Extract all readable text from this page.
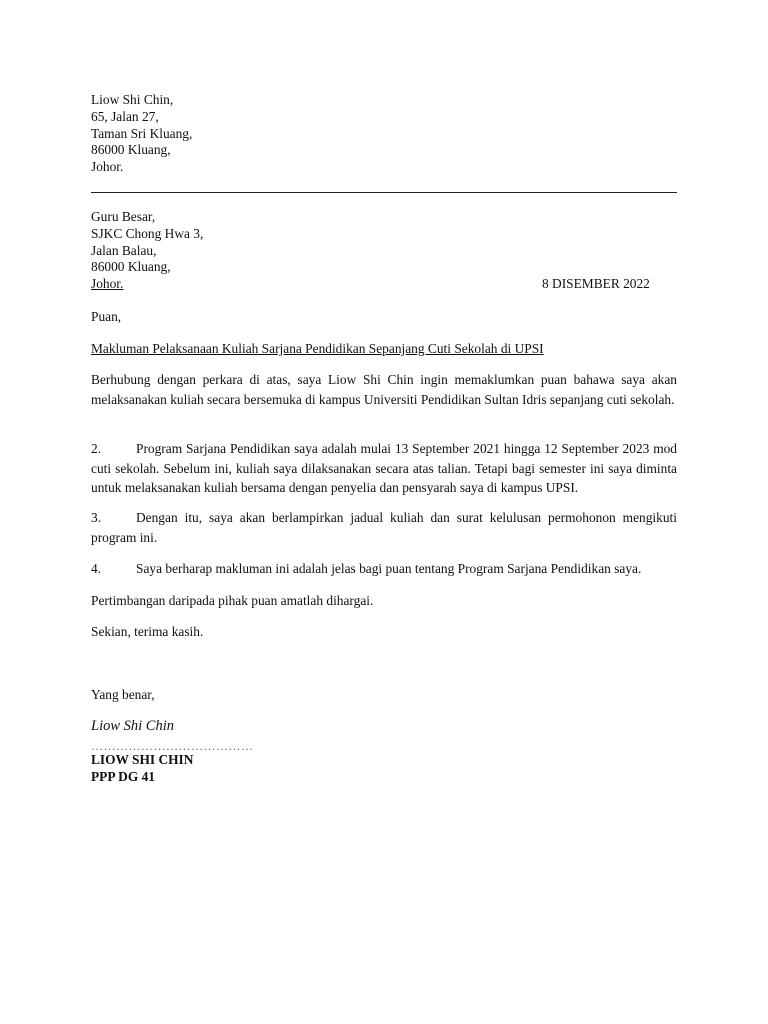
Liow Shi Chin,
65, Jalan 27,
Taman Sri Kluang,
86000 Kluang,
Johor.
Guru Besar,
SJKC Chong Hwa 3,
Jalan Balau,
86000 Kluang,
Johor.	8 DISEMBER 2022
Puan,
Makluman Pelaksanaan Kuliah Sarjana Pendidikan Sepanjang Cuti Sekolah di UPSI
Berhubung dengan perkara di atas, saya Liow Shi Chin ingin memaklumkan puan bahawa saya akan melaksanakan kuliah secara bersemuka di kampus Universiti Pendidikan Sultan Idris sepanjang cuti sekolah.
2.	Program Sarjana Pendidikan saya adalah mulai 13 September 2021 hingga 12 September 2023 mod cuti sekolah. Sebelum ini, kuliah saya dilaksanakan secara atas talian. Tetapi bagi semester ini saya diminta untuk melaksanakan kuliah bersama dengan penyelia dan pensyarah saya di kampus UPSI.
3.	Dengan itu, saya akan berlampirkan jadual kuliah dan surat kelulusan permohonon mengikuti program ini.
4.	Saya berharap makluman ini adalah jelas bagi puan tentang Program Sarjana Pendidikan saya.
Pertimbangan daripada pihak puan amatlah dihargai.
Sekian, terima kasih.
Yang benar,
Liow Shi Chin
…………………………………
LIOW SHI CHIN
PPP DG 41
